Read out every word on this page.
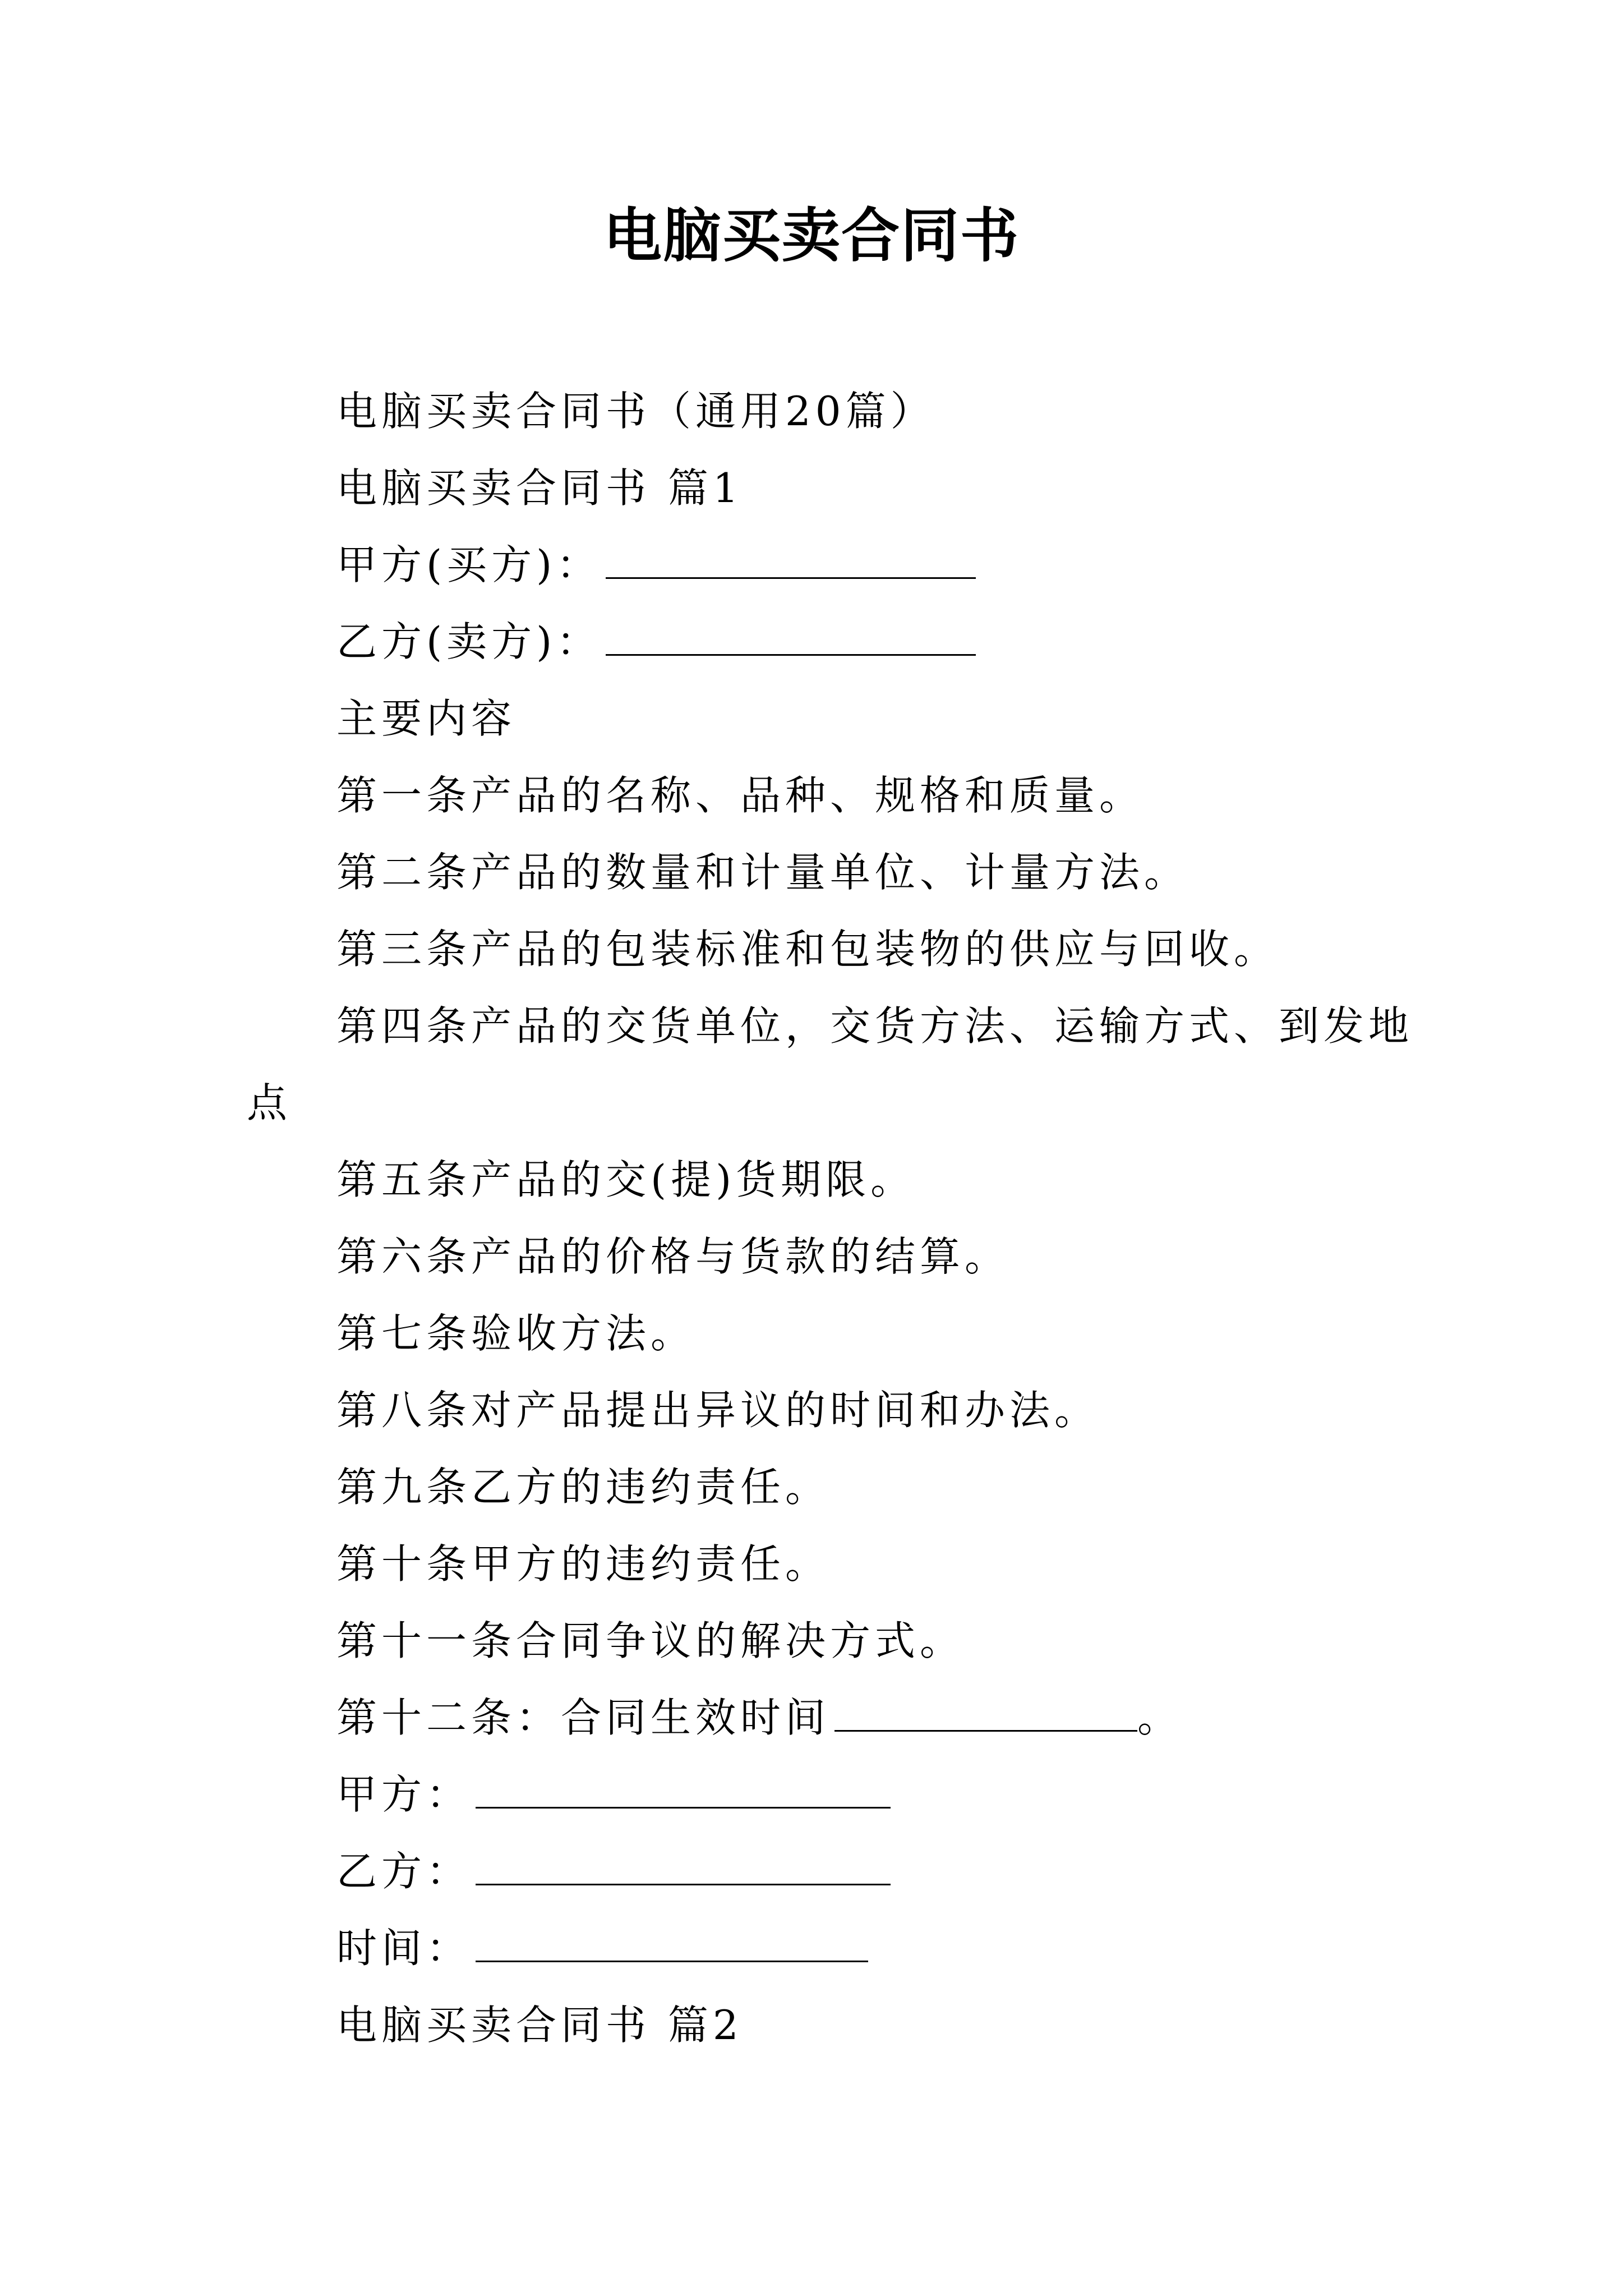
电脑买卖合同书
电脑买卖合同书（通用20篇）
电脑买卖合同书 篇1
甲方(买方)：
乙方(卖方)：
主要内容
第一条产品的名称、品种、规格和质量。
第二条产品的数量和计量单位、计量方法。
第三条产品的包装标准和包装物的供应与回收。
第四条产品的交货单位，交货方法、运输方式、到发地
点
第五条产品的交(提)货期限。
第六条产品的价格与货款的结算。
第七条验收方法。
第八条对产品提出异议的时间和办法。
第九条乙方的违约责任。
第十条甲方的违约责任。
第十一条合同争议的解决方式。
第十二条：合同生效时间	。
甲方：
乙方：
时间：
电脑买卖合同书 篇2
